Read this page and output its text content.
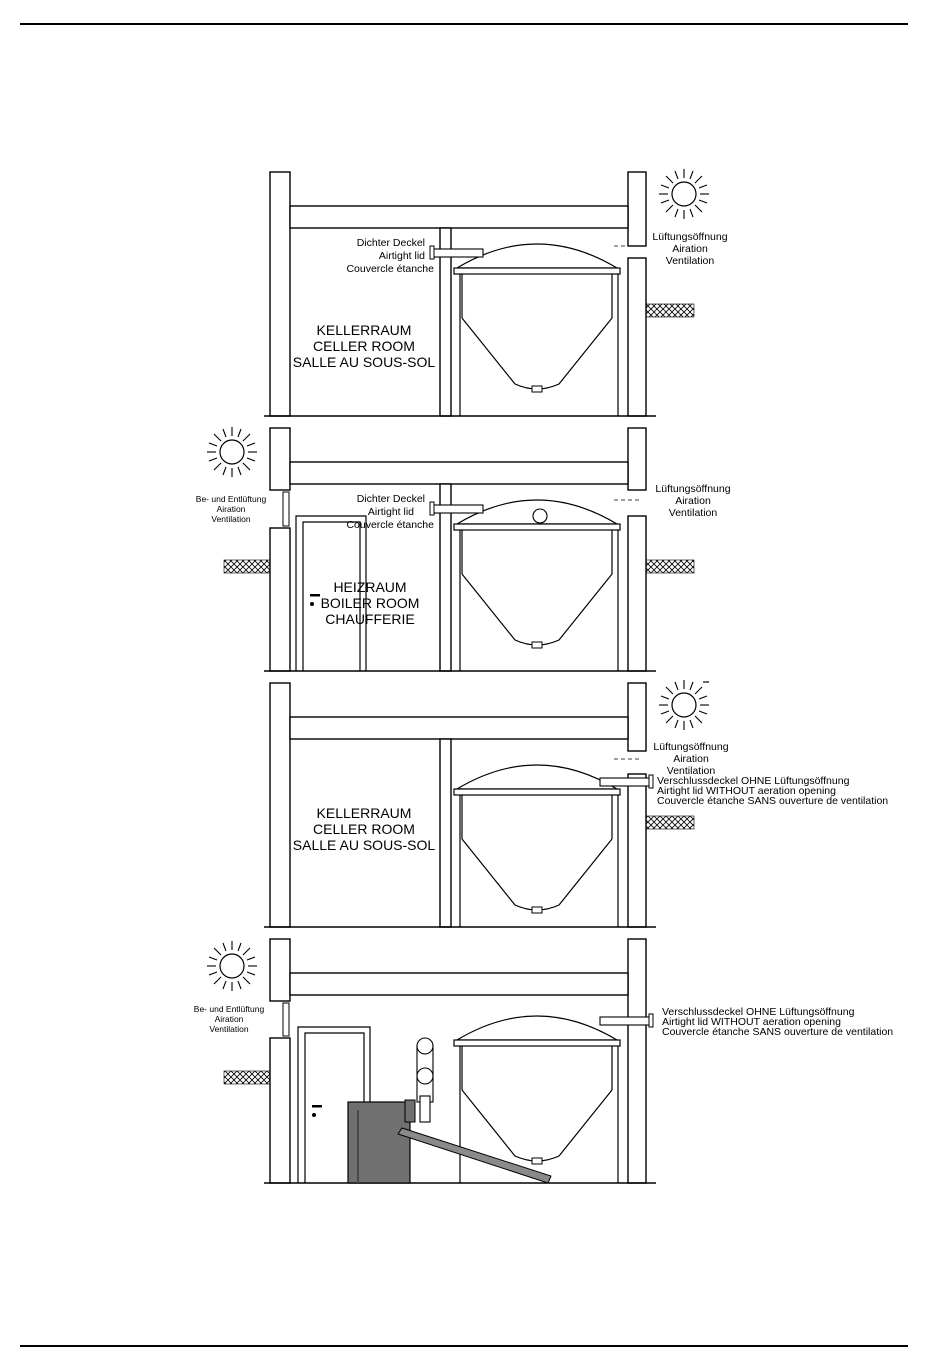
Dichter Deckel
Airtight lid
Couvercle étanche
Lüftungsöffnung
Airation
Ventilation
KELLERRAUM
CELLER ROOM
SALLE AU SOUS-SOL
Dichter Deckel
Airtight lid
Couvercle étanche
Lüftungsöffnung
Airation
Ventilation
Be- und Entlüftung
Airation
Ventilation
HEIZRAUM
BOILER ROOM
CHAUFFERIE
Lüftungsöffnung
Airation
Ventilation
Verschlussdeckel OHNE Lüftungsöffnung
Airtight lid WITHOUT aeration opening
Couvercle étanche SANS ouverture de ventilation
KELLERRAUM
CELLER ROOM
SALLE AU SOUS-SOL
Be- und Entlüftung
Airation
Ventilation
Verschlussdeckel OHNE Lüftungsöffnung
Airtight lid WITHOUT aeration opening
Couvercle étanche SANS ouverture de ventilation
